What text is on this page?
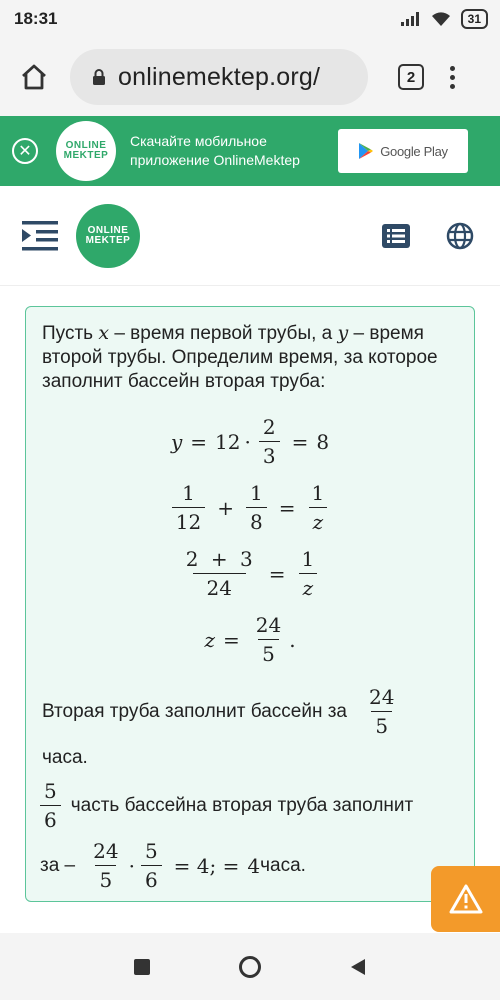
18:31	31
onlinemektep.org/	2
✕	ONLINE
MEKTEP
Скачайте мобильное
приложение OnlineMektep
Google Play
ONLINE
MEKTEP

Пусть x – время первой трубы, а y – время второй трубы. Определим время, за которое заполнит бассейн вторая труба:

$y = 12 \cdot \frac{2}{3} = 8$
$\frac{1}{12} + \frac{1}{8} = \frac{1}{z}$
$\frac{2 + 3}{24} = \frac{1}{z}$
$z = \frac{24}{5}$ .
Вторая труба заполнит бассейн за $\frac{24}{5}$
часа.
$\frac{5}{6}$ часть бассейна вторая труба заполнит
за – $\frac{24}{5} \cdot \frac{5}{6} = 4$; = 4 часа.
